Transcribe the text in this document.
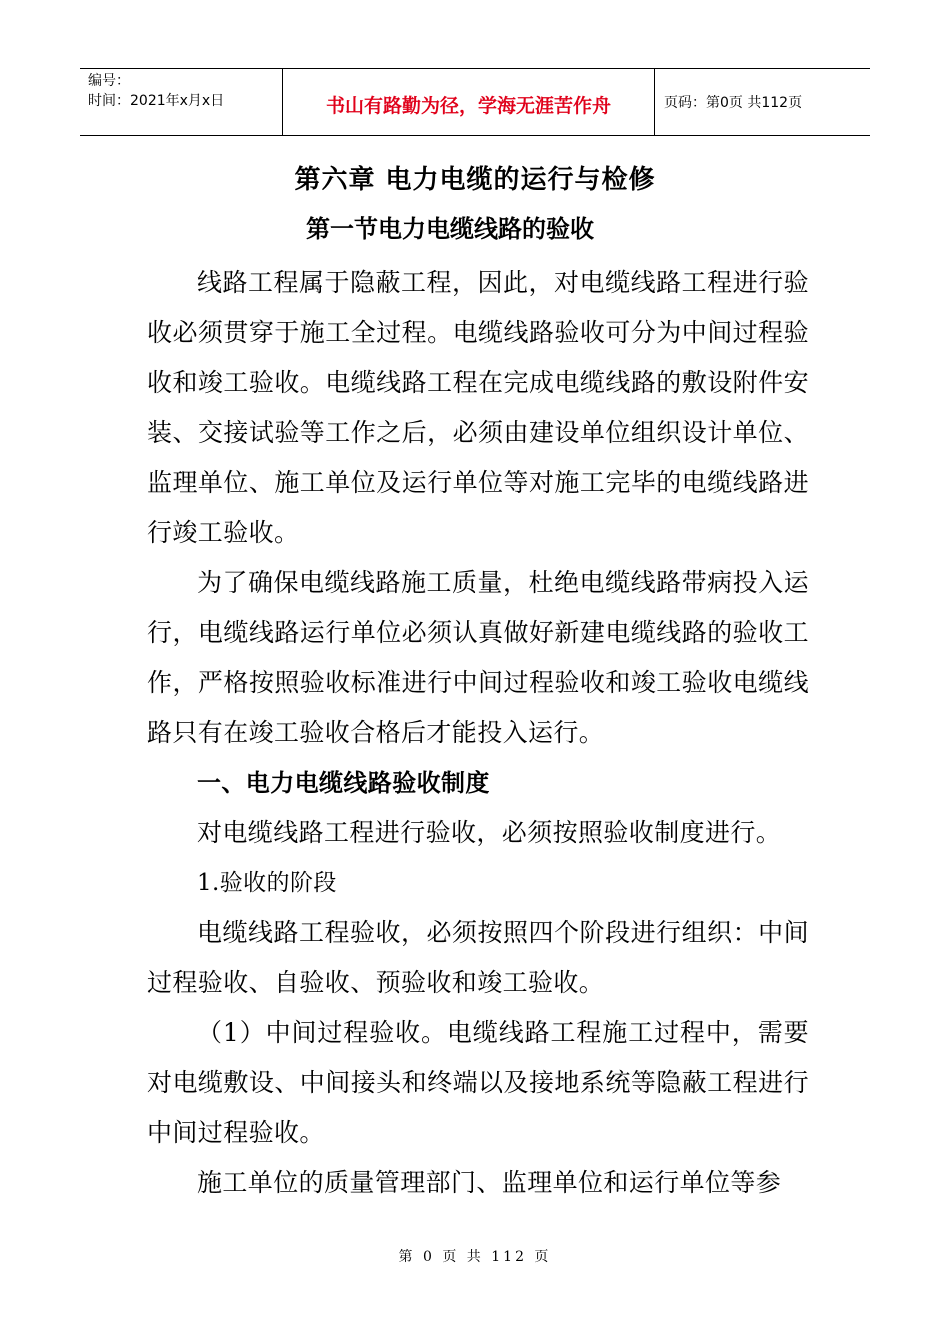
编号：
时间：2021年x月x日	书山有路勤为径，学海无涯苦作舟	页码：第0页 共112页
第六章 电力电缆的运行与检修
第一节电力电缆线路的验收

线路工程属于隐蔽工程，因此，对电缆线路工程进行验收必须贯穿于施工全过程。电缆线路验收可分为中间过程验收和竣工验收。电缆线路工程在完成电缆线路的敷设附件安装、交接试验等工作之后，必须由建设单位组织设计单位、监理单位、施工单位及运行单位等对施工完毕的电缆线路进行竣工验收。

为了确保电缆线路施工质量，杜绝电缆线路带病投入运行，电缆线路运行单位必须认真做好新建电缆线路的验收工作，严格按照验收标准进行中间过程验收和竣工验收电缆线路只有在竣工验收合格后才能投入运行。

一、电力电缆线路验收制度

对电缆线路工程进行验收，必须按照验收制度进行。

1.验收的阶段

电缆线路工程验收，必须按照四个阶段进行组织：中间过程验收、自验收、预验收和竣工验收。

（1）中间过程验收。电缆线路工程施工过程中，需要对电缆敷设、中间接头和终端以及接地系统等隐蔽工程进行中间过程验收。

施工单位的质量管理部门、监理单位和运行单位等参

第 0 页 共 112 页
